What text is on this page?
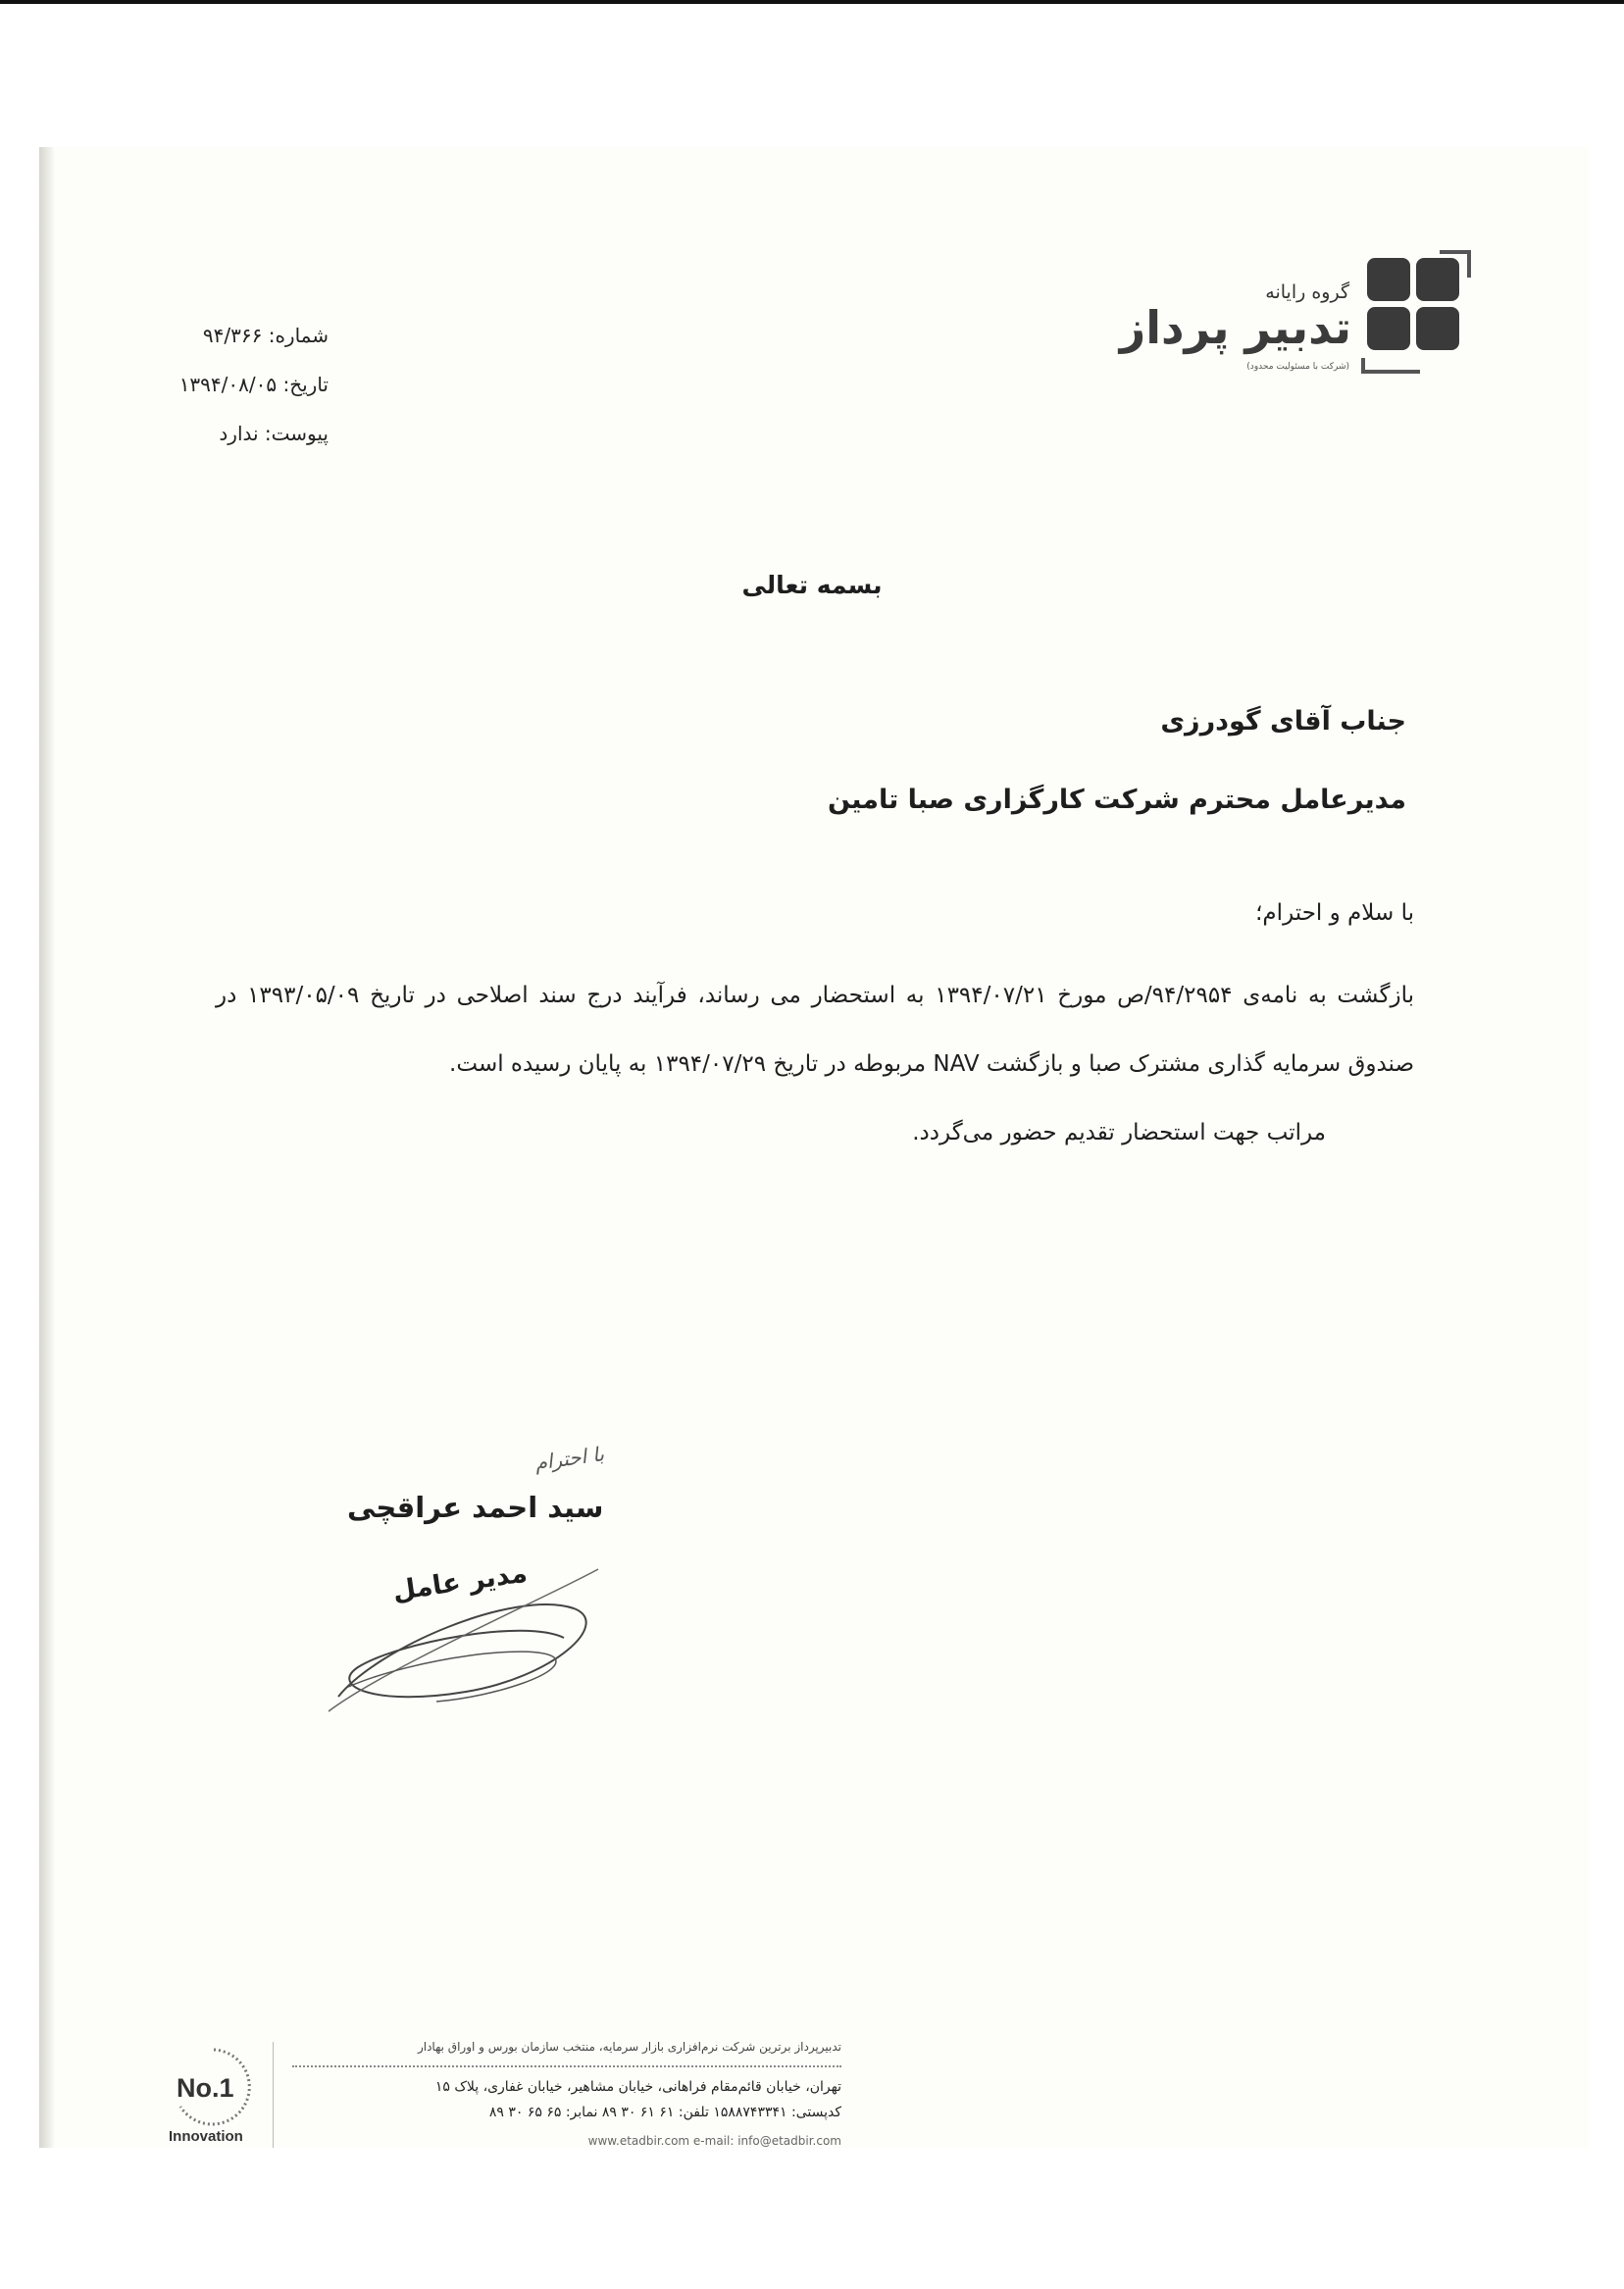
گروه رایانه
تدبیر پرداز
(شرکت با مسئولیت محدود)
شماره: ۹۴/۳۶۶
تاریخ: ۱۳۹۴/۰۸/۰۵
پیوست: ندارد
بسمه تعالی
جناب آقای گودرزی
مدیرعامل محترم شرکت کارگزاری صبا تامین
با سلام و احترام؛

بازگشت به نامه‌ی ۹۴/۲۹۵۴/ص مورخ ۱۳۹۴/۰۷/۲۱ به استحضار می رساند، فرآیند درج سند اصلاحی در تاریخ ۱۳۹۳/۰۵/۰۹ در صندوق سرمایه گذاری مشترک صبا و بازگشت NAV مربوطه در تاریخ ۱۳۹۴/۰۷/۲۹ به پایان رسیده است.

مراتب جهت استحضار تقدیم حضور می‌گردد.

با احترام
سید احمد عراقچی
مدیر عامل
No.1
Innovation
تدبیرپرداز برترین شرکت نرم‌افزاری بازار سرمایه، منتخب سازمان بورس و اوراق بهادار
تهران، خیابان قائم‌مقام فراهانی، خیابان مشاهیر، خیابان غفاری، پلاک ۱۵
کدپستی: ۱۵۸۸۷۴۳۳۴۱ تلفن: ۶۱ ۶۱ ۳۰ ۸۹ نمابر: ۶۵ ۶۵ ۳۰ ۸۹
www.etadbir.com e-mail: info@etadbir.com
